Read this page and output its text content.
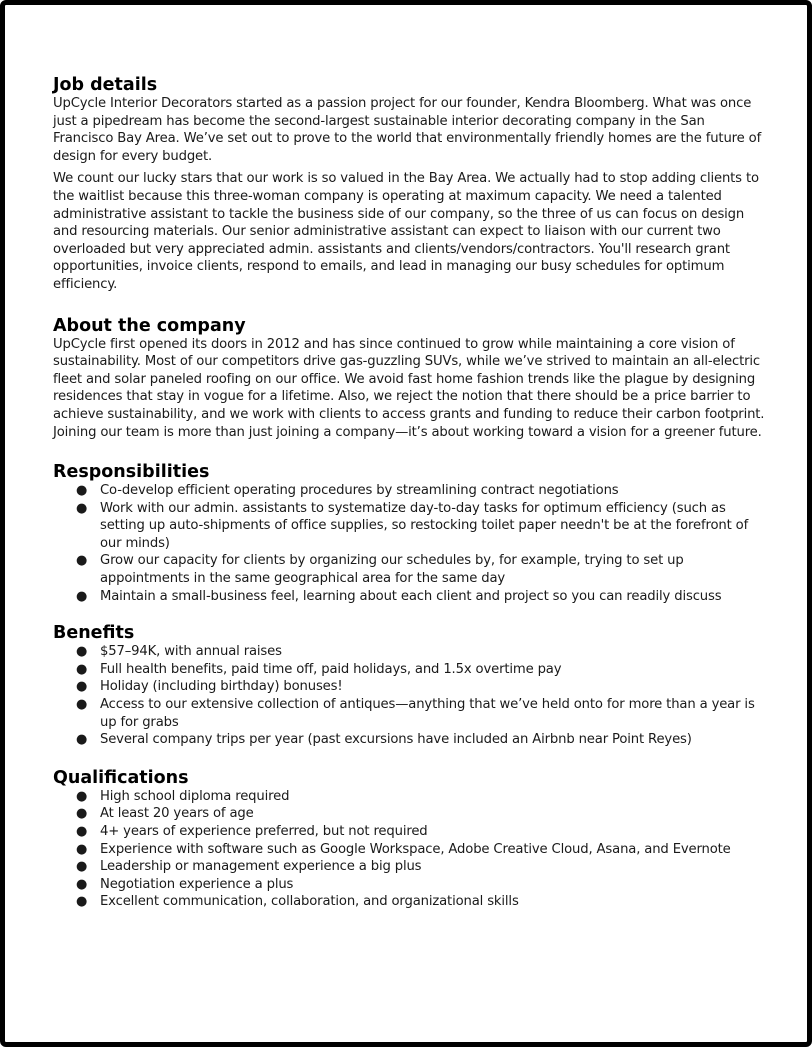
Job details

UpCycle Interior Decorators started as a passion project for our founder, Kendra Bloomberg. What was once just a pipedream has become the second-largest sustainable interior decorating company in the San Francisco Bay Area. We’ve set out to prove to the world that environmentally friendly homes are the future of design for every budget.

We count our lucky stars that our work is so valued in the Bay Area. We actually had to stop adding clients to the waitlist because this three-woman company is operating at maximum capacity. We need a talented administrative assistant to tackle the business side of our company, so the three of us can focus on design and resourcing materials. Our senior administrative assistant can expect to liaison with our current two overloaded but very appreciated admin. assistants and clients/vendors/contractors. You'll research grant opportunities, invoice clients, respond to emails, and lead in managing our busy schedules for optimum efficiency.

About the company

UpCycle first opened its doors in 2012 and has since continued to grow while maintaining a core vision of sustainability. Most of our competitors drive gas-guzzling SUVs, while we’ve strived to maintain an all-electric fleet and solar paneled roofing on our office. We avoid fast home fashion trends like the plague by designing residences that stay in vogue for a lifetime. Also, we reject the notion that there should be a price barrier to achieve sustainability, and we work with clients to access grants and funding to reduce their carbon footprint. Joining our team is more than just joining a company—it’s about working toward a vision for a greener future.

Responsibilities
● Co-develop efficient operating procedures by streamlining contract negotiations
● Work with our admin. assistants to systematize day-to-day tasks for optimum efficiency (such as setting up auto-shipments of office supplies, so restocking toilet paper needn't be at the forefront of our minds)
● Grow our capacity for clients by organizing our schedules by, for example, trying to set up appointments in the same geographical area for the same day
● Maintain a small-business feel, learning about each client and project so you can readily discuss
Benefits
● $57–94K, with annual raises
● Full health benefits, paid time off, paid holidays, and 1.5x overtime pay
● Holiday (including birthday) bonuses!
● Access to our extensive collection of antiques—anything that we’ve held onto for more than a year is up for grabs
● Several company trips per year (past excursions have included an Airbnb near Point Reyes)
Qualifications
● High school diploma required
● At least 20 years of age
● 4+ years of experience preferred, but not required
● Experience with software such as Google Workspace, Adobe Creative Cloud, Asana, and Evernote
● Leadership or management experience a big plus
● Negotiation experience a plus
● Excellent communication, collaboration, and organizational skills
